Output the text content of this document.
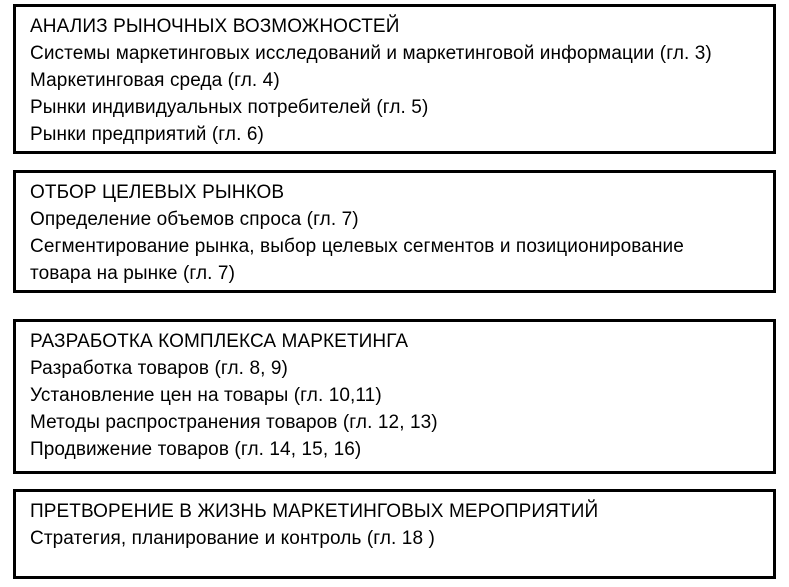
АНАЛИЗ РЫНОЧНЫХ ВОЗМОЖНОСТЕЙ
Системы маркетинговых исследований и маркетинговой информации (гл. 3)
Маркетинговая среда (гл. 4)
Рынки индивидуальных потребителей (гл. 5)
Рынки предприятий (гл. 6)
ОТБОР ЦЕЛЕВЫХ РЫНКОВ
Определение объемов спроса (гл. 7)
Сегментирование рынка, выбор целевых сегментов и позиционирование
товара на рынке (гл. 7)
РАЗРАБОТКА КОМПЛЕКСА МАРКЕТИНГА
Разработка товаров (гл. 8, 9)
Установление цен на товары (гл. 10,11)
Методы распространения товаров (гл. 12, 13)
Продвижение товаров (гл. 14, 15, 16)
ПРЕТВОРЕНИЕ В ЖИЗНЬ МАРКЕТИНГОВЫХ МЕРОПРИЯТИЙ
Стратегия, планирование и контроль (гл. 18 )
